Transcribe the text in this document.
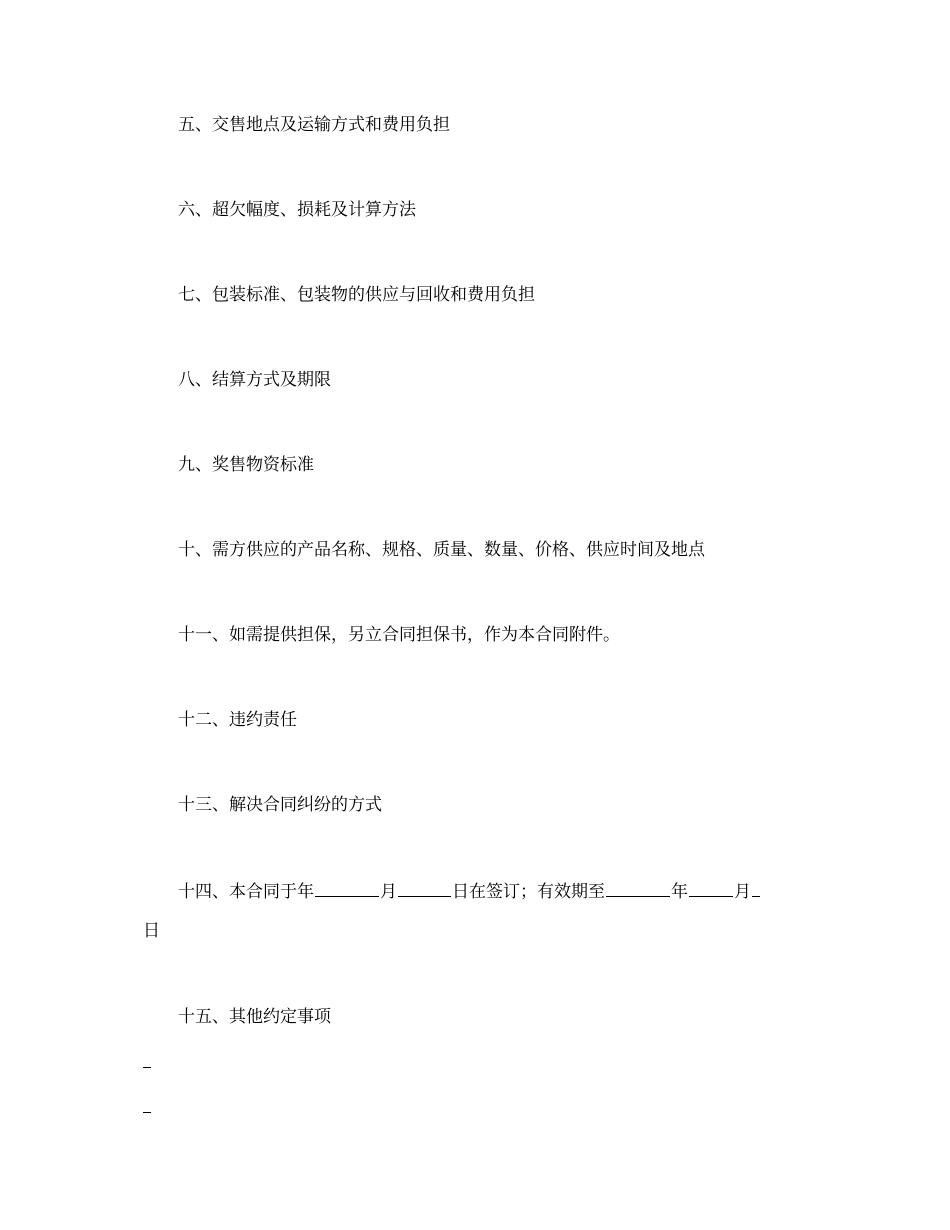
五、交售地点及运输方式和费用负担
六、超欠幅度、损耗及计算方法
七、包装标准、包装物的供应与回收和费用负担
八、结算方式及期限
九、奖售物资标准
十、需方供应的产品名称、规格、质量、数量、价格、供应时间及地点
十一、如需提供担保，另立合同担保书，作为本合同附件。
十二、违约责任
十三、解决合同纠纷的方式
十四、本合同于年	月	日在签订；有效期至	年	月
日
十五、其他约定事项
